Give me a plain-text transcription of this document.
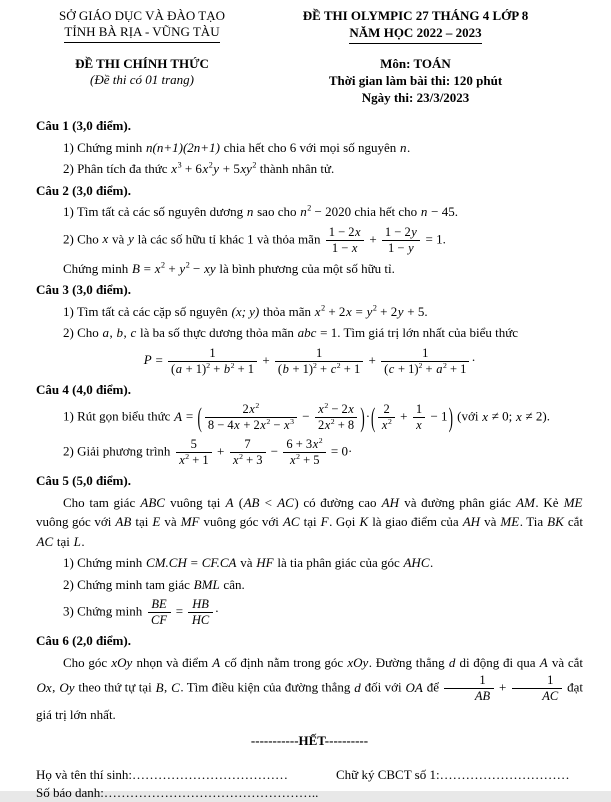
SỞ GIÁO DỤC VÀ ĐÀO TẠO
TỈNH BÀ RỊA - VŨNG TÀU
ĐỀ THI CHÍNH THỨC
(Đề thi có 01 trang)
ĐỀ THI OLYMPIC 27 THÁNG 4 LỚP 8
NĂM HỌC 2022 – 2023
Môn: TOÁN
Thời gian làm bài thi: 120 phút
Ngày thi: 23/3/2023
Câu 1 (3,0 điểm).
1) Chứng minh n(n+1)(2n+1) chia hết cho 6 với mọi số nguyên n.
2) Phân tích đa thức $x^3 + 6x^2y + 5xy^2$ thành nhân tử.
Câu 2 (3,0 điểm).
1) Tìm tất cả các số nguyên dương n sao cho $n^2 - 2020$ chia hết cho n − 45.
2) Cho x và y là các số hữu tỉ khác 1 và thỏa mãn $\frac{1 - 2x}{1 - x} + \frac{1 - 2y}{1 - y} = 1$.
Chứng minh $B = x^2 + y^2$ − xy là bình phương của một số hữu tỉ.
Câu 3 (3,0 điểm).
1) Tìm tất cả các cặp số nguyên (x; y) thỏa mãn $x^2 + 2x = y^2 + 2y + 5$.
2) Cho a, b, c là ba số thực dương thỏa mãn abc = 1. Tìm giá trị lớn nhất của biểu thức
$P = \frac{1}{(a + 1)^2 + b^2 + 1} + \frac{1}{(b + 1)^2 + c^2 + 1} + \frac{1}{(c + 1)^2 + a^2 + 1}$ ·
Câu 4 (4,0 điểm).
1) Rút gọn biểu thức A = ( $\frac{2x^2}{8 - 4x + 2x^2 - x^3} - \frac{x^2 - 2x}{2x^2 + 8}$ )·( $\frac{2}{x^2} + \frac{1}{x} - 1$) (với x ≠ 0; x ≠ 2).
2) Giải phương trình $\frac{5}{x^2 + 1} + \frac{7}{x^2 + 3} - \frac{6 + 3x^2}{x^2 + 5} = 0\cdot$
Câu 5 (5,0 điểm).
Cho tam giác ABC vuông tại A (AB < AC) có đường cao AH và đường phân giác AM. Kẻ ME vuông góc với AB tại E và MF vuông góc với AC tại F. Gọi K là giao điểm của AH và ME. Tia BK cắt AC tại L.
1) Chứng minh CM.CH = CF.CA và HF là tia phân giác của góc AHC.
2) Chứng minh tam giác BML cân.
3) Chứng minh $\frac{BE}{CF} = \frac{HB}{HC}$ ·
Câu 6 (2,0 điểm).
Cho góc xOy nhọn và điểm A cố định nằm trong góc xOy. Đường thẳng d di động đi qua A và cắt Ox, Oy theo thứ tự tại B, C. Tìm điều kiện của đường thẳng d đối với OA để $\frac{1}{AB} + \frac{1}{AC}$ đạt giá trị lớn nhất.
-----------HẾT----------
Họ và tên thí sinh:………………………………	Chữ ký CBCT số 1:…………………………
Số báo danh:…………………………………………..
